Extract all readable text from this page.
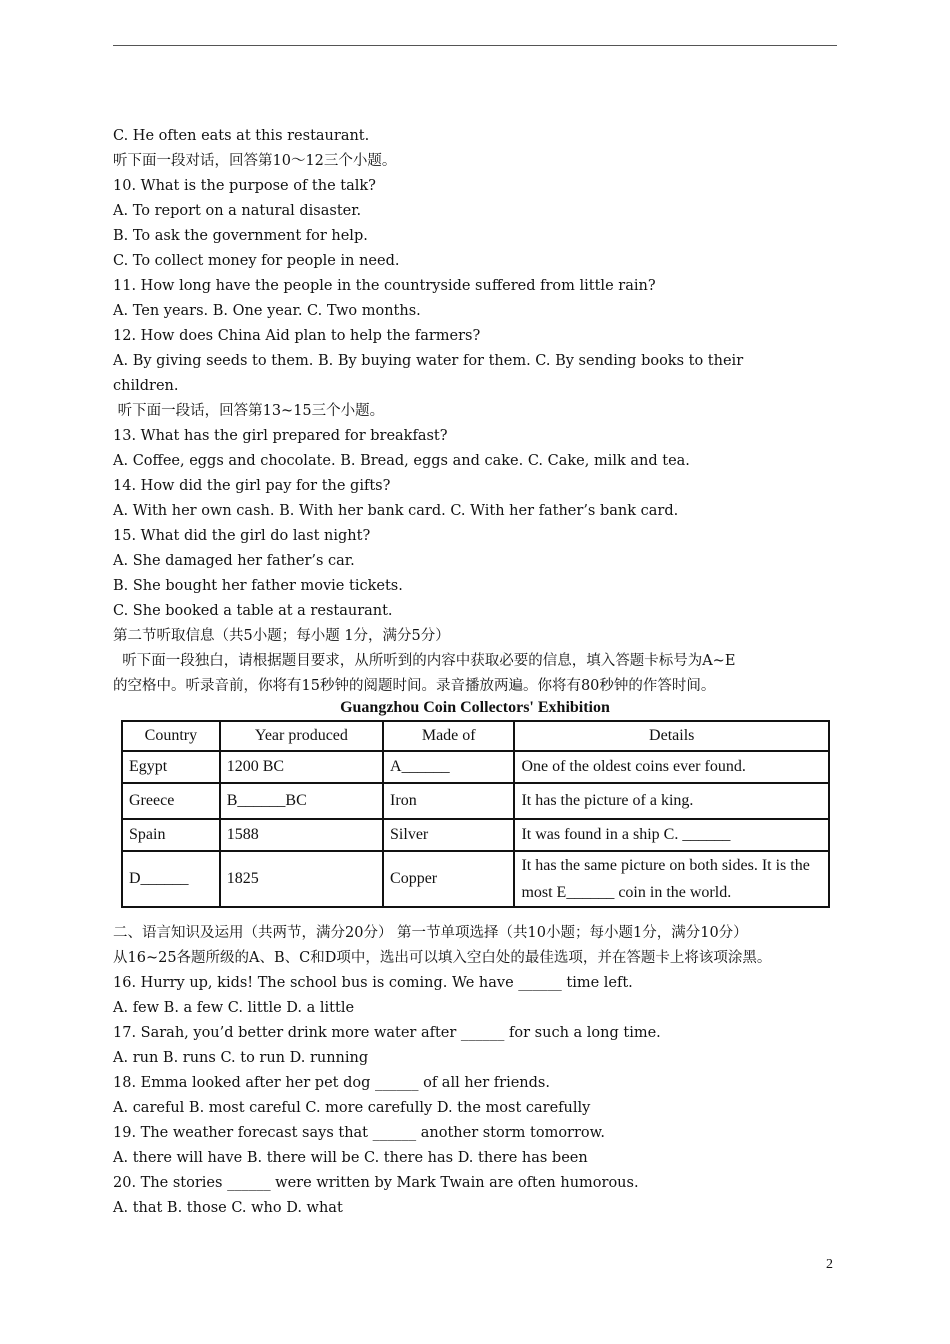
C. He often eats at this restaurant.
听下面一段对话，回答第10～12三个小题。
10. What is the purpose of the talk?
A. To report on a natural disaster.
B. To ask the government for help.
C. To collect money for people in need.
11. How long have the people in the countryside suffered from little rain?
A. Ten years. B. One year. C. Two months.
12. How does China Aid plan to help the farmers?
A. By giving seeds to them. B. By buying water for them. C. By sending books to their
children.
听下面一段话，回答第13~15三个小题。
13. What has the girl prepared for breakfast?
A. Coffee, eggs and chocolate. B. Bread, eggs and cake. C. Cake, milk and tea.
14. How did the girl pay for the gifts?
A. With her own cash. B. With her bank card. C. With her father’s bank card.
15. What did the girl do last night?
A. She damaged her father’s car.
B. She bought her father movie tickets.
C. She booked a table at a restaurant.
第二节听取信息（共5小题；每小题 1分，满分5分）
听下面一段独白，请根据题目要求，从所听到的内容中获取必要的信息，填入答题卡标号为A~E
的空格中。听录音前，你将有15秒钟的阅题时间。录音播放两遍。你将有80秒钟的作答时间。
Guangzhou Coin Collectors' Exhibition
Country	Year produced	Made of	Details
Egypt	1200 BC	A______	One of the oldest coins ever found.
Greece	B______BC	Iron	It has the picture of a king.
Spain	1588	Silver	It was found in a ship C. ______
D______	1825	Copper	It has the same picture on both sides. It is the most E______ coin in the world.
二、语言知识及运用（共两节，满分20分） 第一节单项选择（共10小题；每小题1分，满分10分）
从16~25各题所级的A、B、C和D项中，选出可以填入空白处的最佳选项，并在答题卡上将该项涂黑。
16. Hurry up, kids! The school bus is coming. We have ______ time left.
A. few B. a few C. little D. a little
17. Sarah, you’d better drink more water after ______ for such a long time.
A. run B. runs C. to run D. running
18. Emma looked after her pet dog ______ of all her friends.
A. careful B. most careful C. more carefully D. the most carefully
19. The weather forecast says that ______ another storm tomorrow.
A. there will have B. there will be C. there has D. there has been
20. The stories ______ were written by Mark Twain are often humorous.
A. that B. those C. who D. what
2
